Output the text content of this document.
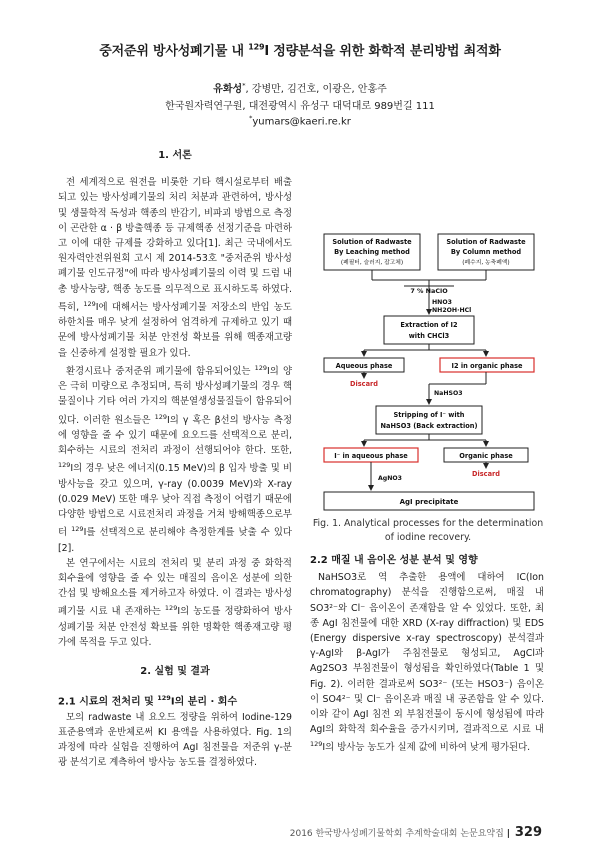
중저준위 방사성폐기물 내 $^{129}$I 정량분석을 위한 화학적 분리방법 최적화
유화성*, 강병만, 김건호, 이광은, 안홍주
한국원자력연구원, 대전광역시 유성구 대덕대로 989번길 111
*yumars@kaeri.re.kr
1. 서론

전 세계적으로 원전을 비롯한 기타 핵시설로부터 배출되고 있는 방사성폐기물의 처리 처분과 관련하여, 방사성 및 생물학적 독성과 핵종의 반감기, 비파괴 방법으로 측정이 곤란한 α · β 방출핵종 등 규제핵종 선정기준을 마련하고 이에 대한 규제를 강화하고 있다[1]. 최근 국내에서도 원자력안전위원회 고시 제 2014-53호 "중저준위 방사성폐기물 인도규정"에 따라 방사성폐기물의 이력 및 드럼 내 총 방사능량, 핵종 농도를 의무적으로 표시하도록 하였다. 특히, $^{129}$I에 대해서는 방사성폐기물 저장소의 반입 농도 하한치를 매우 낮게 설정하여 엄격하게 규제하고 있기 때문에 방사성폐기물 처분 안전성 확보를 위해 핵종재고량을 신중하게 설정할 필요가 있다.

환경시료나 중저준위 폐기물에 함유되어있는 $^{129}$I의 양은 극히 미량으로 추정되며, 특히 방사성폐기물의 경우 핵물질이나 기타 여러 가지의 핵분열생성물질들이 함유되어 있다. 이러한 원소들은 $^{129}$I의 γ 혹은 β선의 방사능 측정에 영향을 줄 수 있기 때문에 요오드를 선택적으로 분리, 회수하는 시료의 전처리 과정이 선행되어야 한다. 또한, $^{129}$I의 경우 낮은 에너지(0.15 MeV)의 β 입자 방출 및 비방사능을 갖고 있으며, γ-ray (0.0039 MeV)와 X-ray (0.029 MeV) 또한 매우 낮아 직접 측정이 어렵기 때문에 다양한 방법으로 시료전처리 과정을 거쳐 방해핵종으로부터 $^{129}$I를 선택적으로 분리해야 측정한계를 낮출 수 있다[2].

본 연구에서는 시료의 전처리 및 분리 과정 중 화학적 회수율에 영향을 줄 수 있는 매질의 음이온 성분에 의한 간섭 및 방해요소를 제거하고자 하였다. 이 결과는 방사성폐기물 시료 내 존재하는 $^{129}$I의 농도를 정량화하여 방사성폐기물 처분 안전성 확보를 위한 명확한 핵종재고량 평가에 목적을 두고 있다.

2. 실험 및 결과
2.1 시료의 전처리 및 $^{129}$I의 분리 · 회수

모의 radwaste 내 요오드 정량을 위하여 Iodine-129 표준용액과 운반체로써 KI 용액을 사용하였다. Fig. 1의 과정에 따라 실험을 진행하여 AgI 침전물을 저준위 γ-분광 분석기로 계측하여 방사능 농도를 결정하였다.

Solution of Radwaste
By Leaching method
(폐필터, 슬러지, 잡고체)
Solution of Radwaste
By Column method
(폐수지, 농축폐액)
7 % NaClO
HNO3
NH2OH·HCl
Extraction of I2
with CHCl3
Aqueous phase	I2 in organic phase
Discard
NaHSO3
Stripping of I⁻ with
NaHSO3 (Back extraction)
I⁻ in aqueous phase	Organic phase
Discard
AgNO3
AgI precipitate
Fig. 1. Analytical processes for the determination
of iodine recovery.

2.2 매질 내 음이온 성분 분석 및 영향

NaHSO3로 역 추출한 용액에 대하여 IC(Ion chromatography) 분석을 진행함으로써, 매질 내 SO3²⁻와 Cl⁻ 음이온이 존재함을 알 수 있었다. 또한, 최종 AgI 침전물에 대한 XRD (X-ray diffraction) 및 EDS (Energy dispersive x-ray spectroscopy) 분석결과 γ-AgI와 β-AgI가 주침전물로 형성되고, AgCl과 Ag2SO3 부침전물이 형성됨을 확인하였다(Table 1 및 Fig. 2). 이러한 결과로써 SO3²⁻ (또는 HSO3⁻) 음이온이 SO4²⁻ 및 Cl⁻ 음이온과 매질 내 공존함을 알 수 있다. 이와 같이 AgI 침전 외 부침전물이 동시에 형성됨에 따라 AgI의 화학적 회수율을 증가시키며, 결과적으로 시료 내 $^{129}$I의 방사능 농도가 실제 값에 비하여 낮게 평가된다.

2016 한국방사성폐기물학회 추계학술대회 논문요약집 | 329
